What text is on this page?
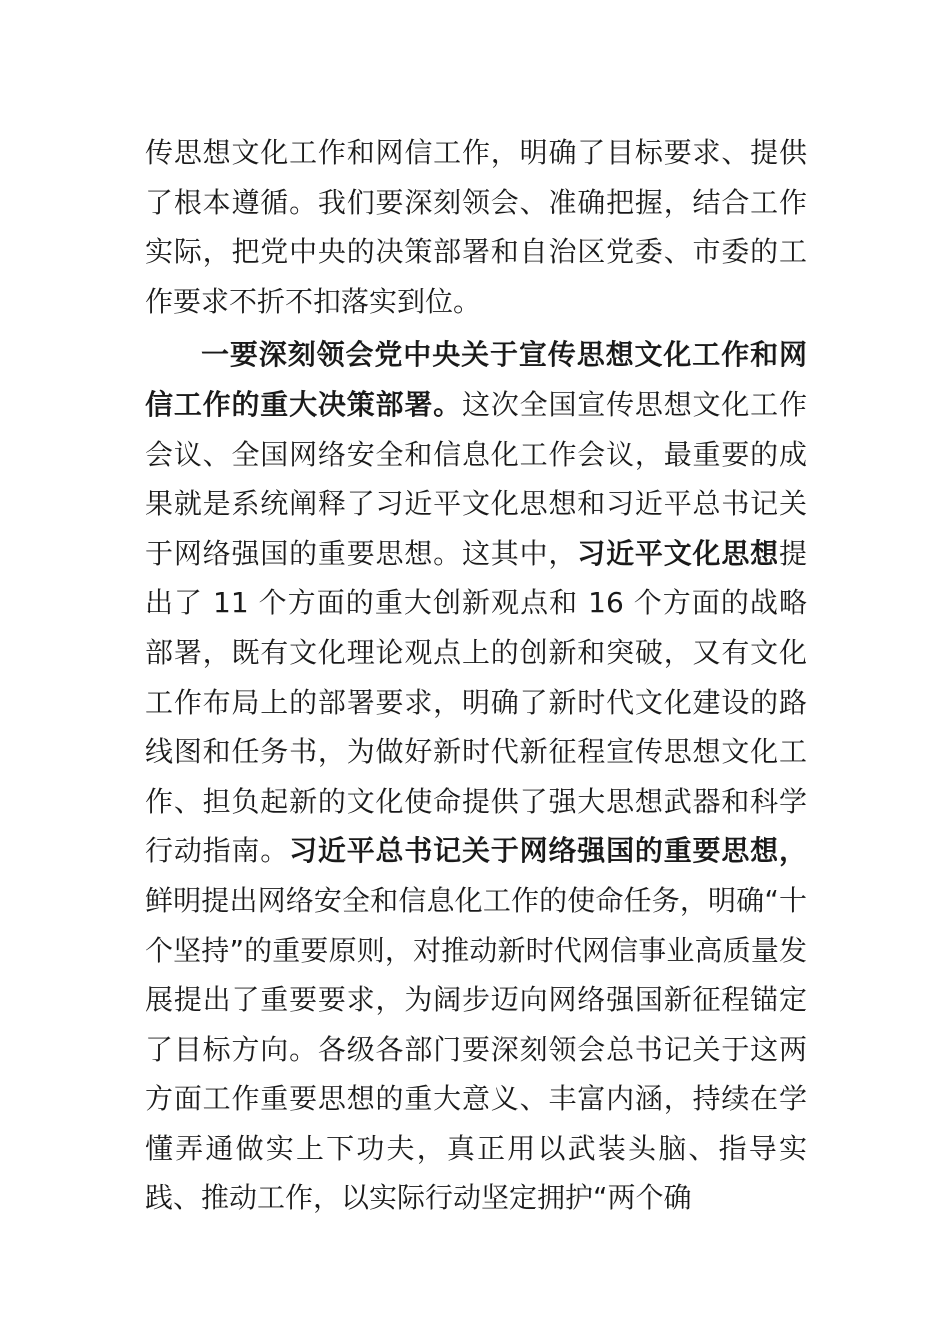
传思想文化工作和网信工作，明确了目标要求、提供了根本遵循。我们要深刻领会、准确把握，结合工作实际，把党中央的决策部署和自治区党委、市委的工作要求不折不扣落实到位。

一要深刻领会党中央关于宣传思想文化工作和网信工作的重大决策部署。这次全国宣传思想文化工作会议、全国网络安全和信息化工作会议，最重要的成果就是系统阐释了习近平文化思想和习近平总书记关于网络强国的重要思想。这其中，习近平文化思想提出了 11 个方面的重大创新观点和 16 个方面的战略部署，既有文化理论观点上的创新和突破，又有文化工作布局上的部署要求，明确了新时代文化建设的路线图和任务书，为做好新时代新征程宣传思想文化工作、担负起新的文化使命提供了强大思想武器和科学行动指南。习近平总书记关于网络强国的重要思想，鲜明提出网络安全和信息化工作的使命任务，明确“十个坚持”的重要原则，对推动新时代网信事业高质量发展提出了重要要求，为阔步迈向网络强国新征程锚定了目标方向。各级各部门要深刻领会总书记关于这两方面工作重要思想的重大意义、丰富内涵，持续在学懂弄通做实上下功夫，真正用以武装头脑、指导实践、推动工作，以实际行动坚定拥护“两个确
